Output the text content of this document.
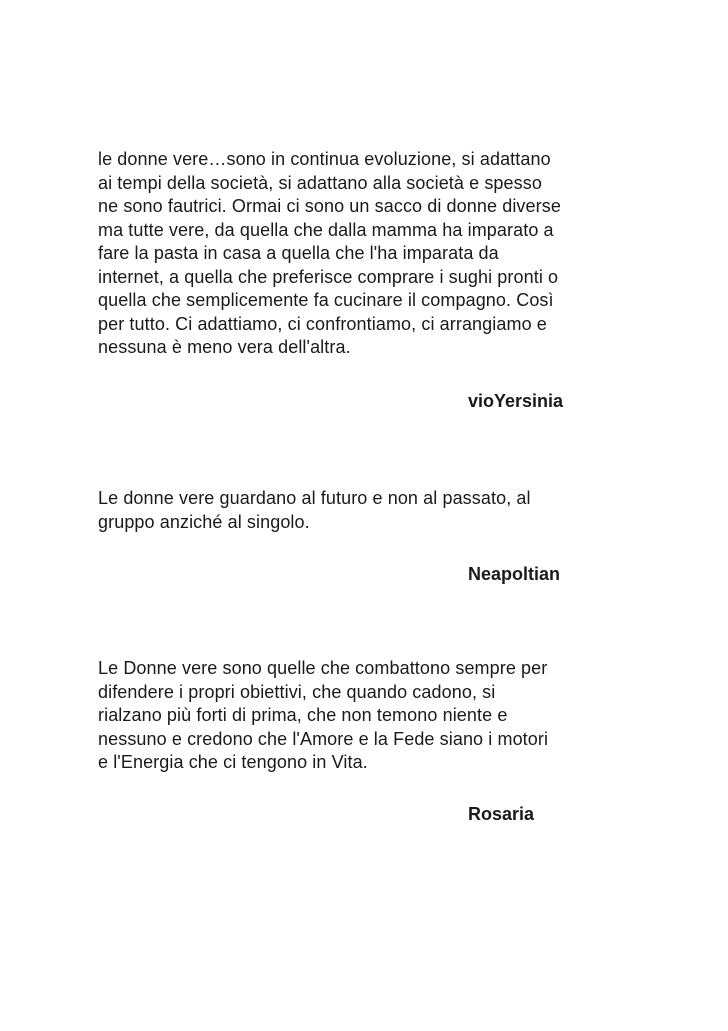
le donne vere…sono in continua evoluzione, si adattano
ai tempi della società, si adattano alla società e spesso
ne sono fautrici. Ormai ci sono un sacco di donne diverse
ma tutte vere, da quella che dalla mamma ha imparato a
fare la pasta in casa a quella che l'ha imparata da
internet, a quella che preferisce comprare i sughi pronti o
quella che semplicemente fa cucinare il compagno. Così
per tutto. Ci adattiamo, ci confrontiamo, ci arrangiamo e
nessuna è meno vera dell'altra.

vioYersinia

Le donne vere guardano al futuro e non al passato, al
gruppo anziché al singolo.

Neapoltian

Le Donne vere sono quelle che combattono sempre per
difendere i propri obiettivi, che quando cadono, si
rialzano più forti di prima, che non temono niente e
nessuno e credono che l'Amore e la Fede siano i motori
e l'Energia che ci tengono in Vita.

Rosaria
